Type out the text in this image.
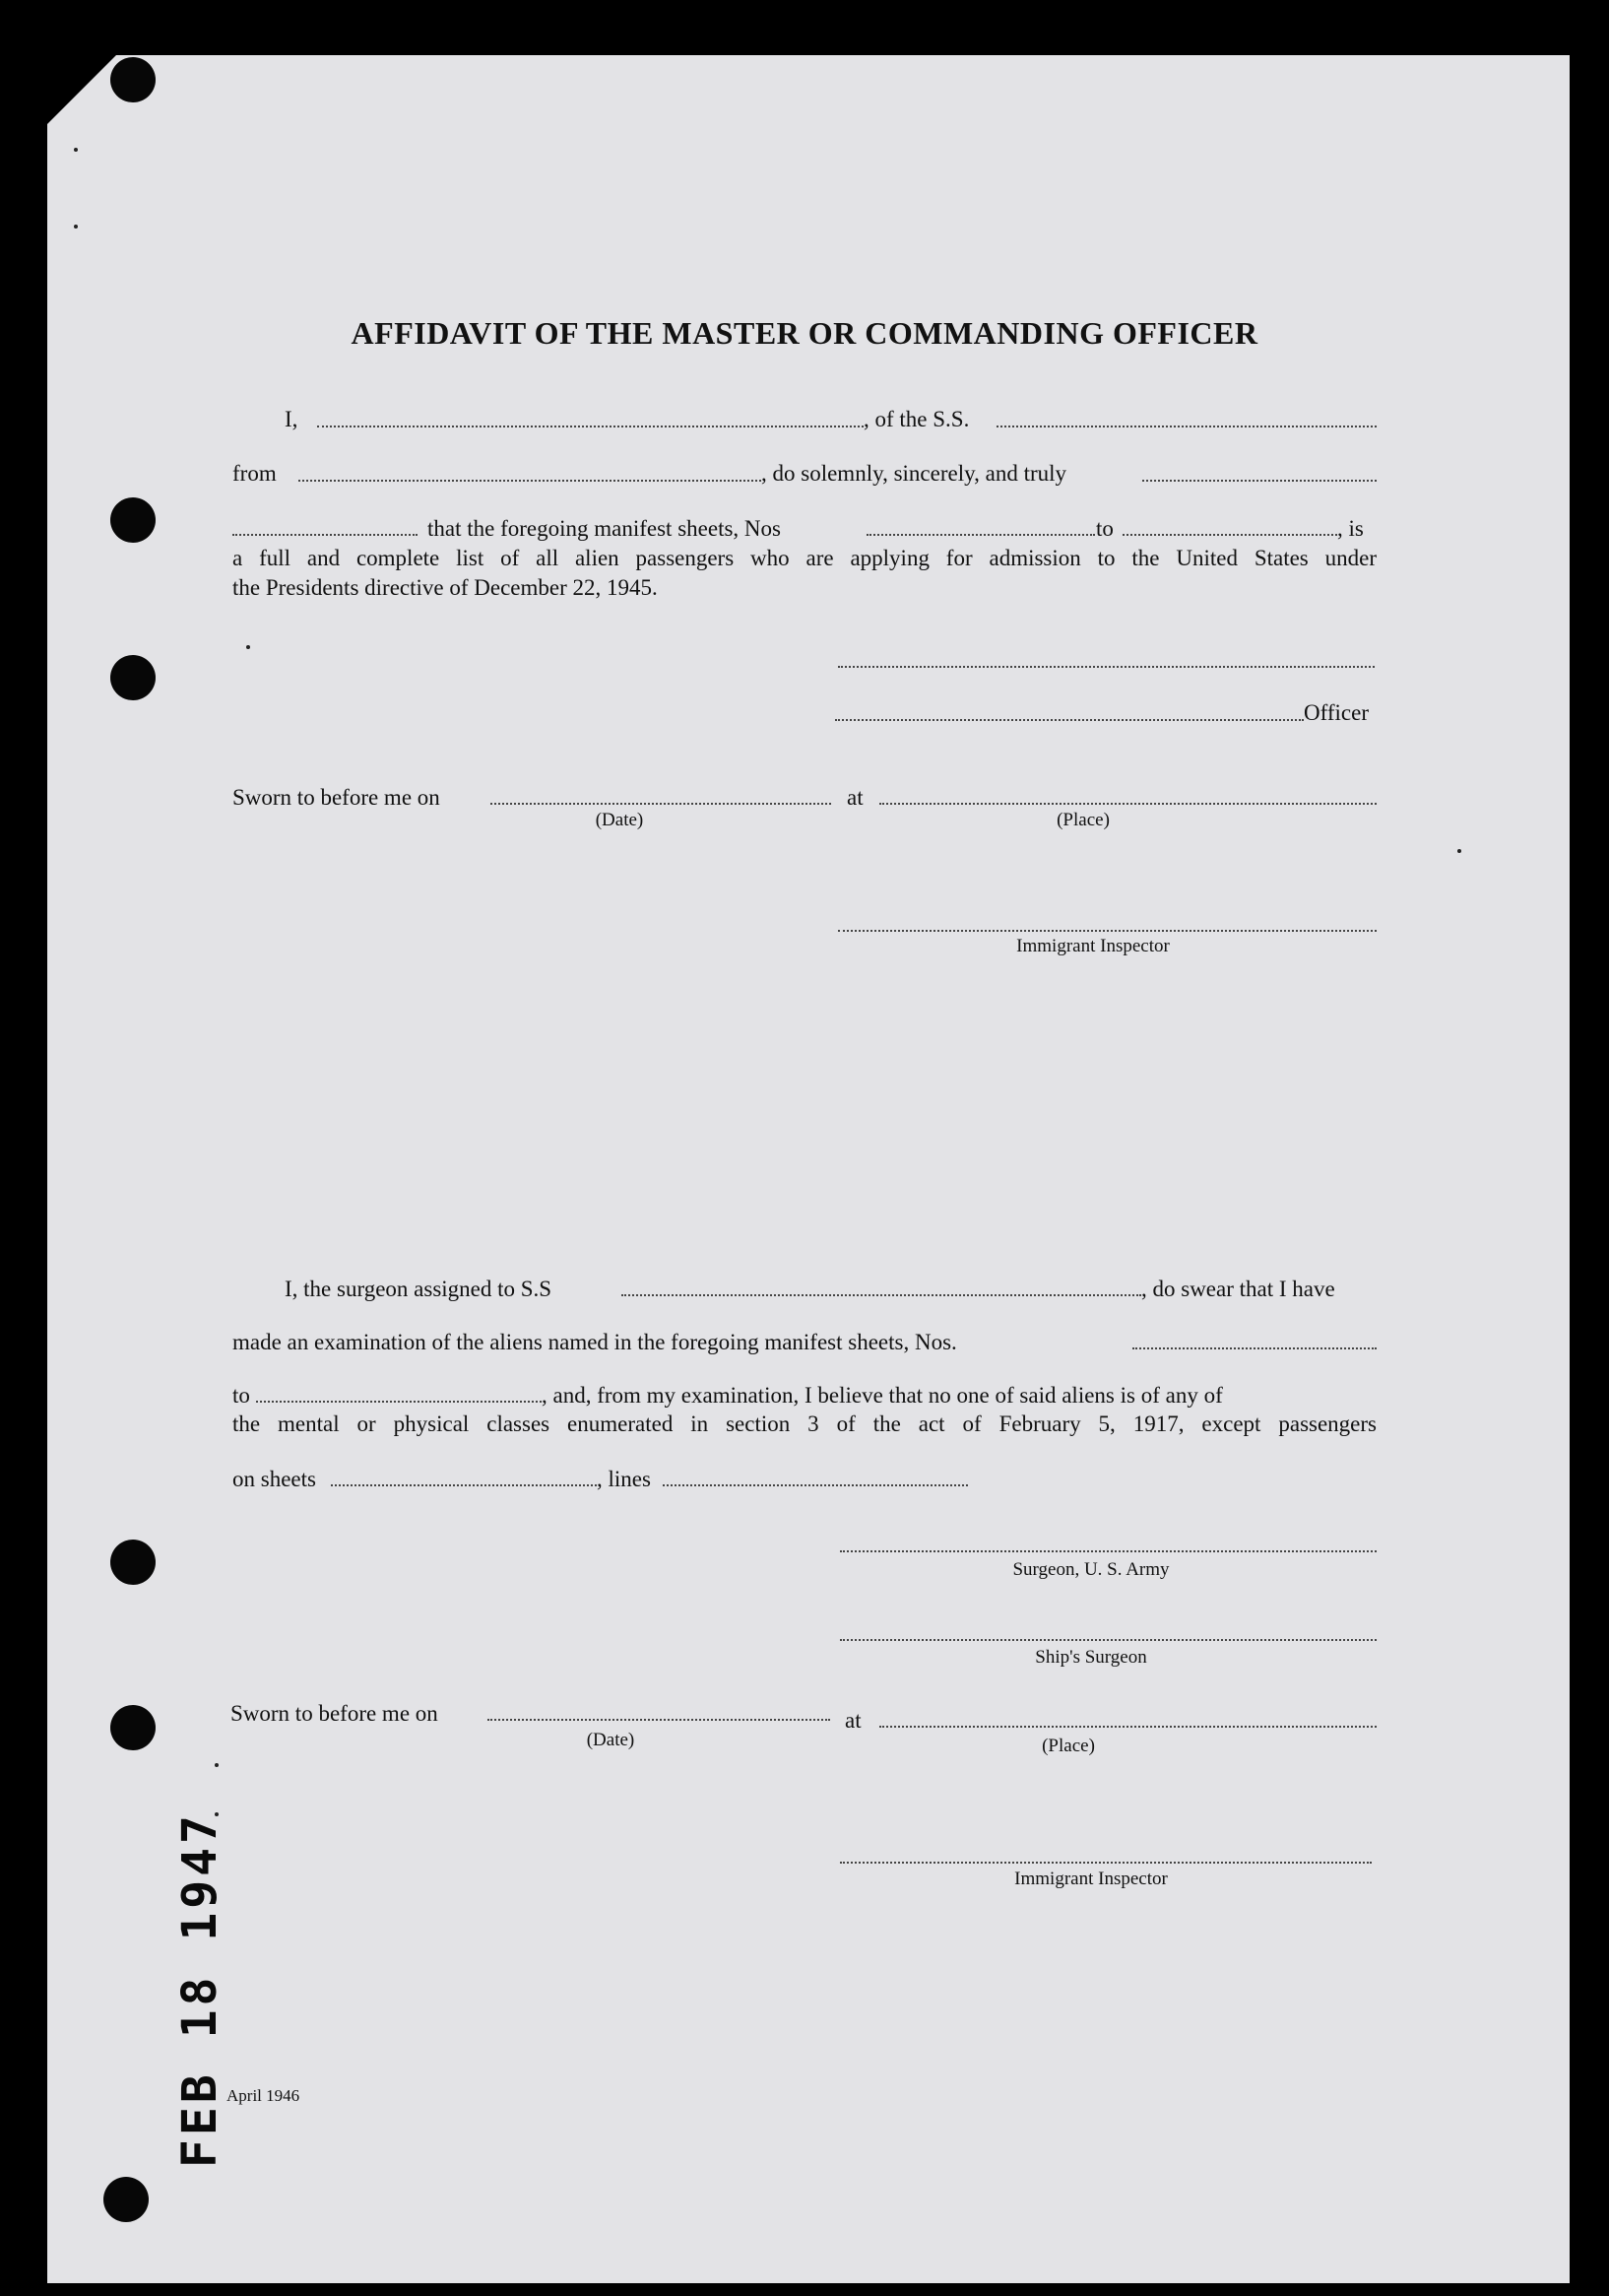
AFFIDAVIT OF THE MASTER OR COMMANDING OFFICER
I,	, of the S.S.
from	, do solemnly, sincerely, and truly
that the foregoing manifest sheets, Nos	to	, is
a full and complete list of all alien passengers who are applying for admission to the United States under
the Presidents directive of December 22, 1945.
Officer
Sworn to before me on	at
(Date)	(Place)
Immigrant Inspector
I, the surgeon assigned to S.S	, do swear that I have
made an examination of the aliens named in the foregoing manifest sheets, Nos.
to	, and, from my examination, I believe that no one of said aliens is of any of
the mental or physical classes enumerated in section 3 of the act of February 5, 1917, except passengers
on sheets	, lines
Surgeon, U. S. Army
Ship's Surgeon
Sworn to before me on	at
(Date)	(Place)
Immigrant Inspector
FEB 18 1947 April 1946
